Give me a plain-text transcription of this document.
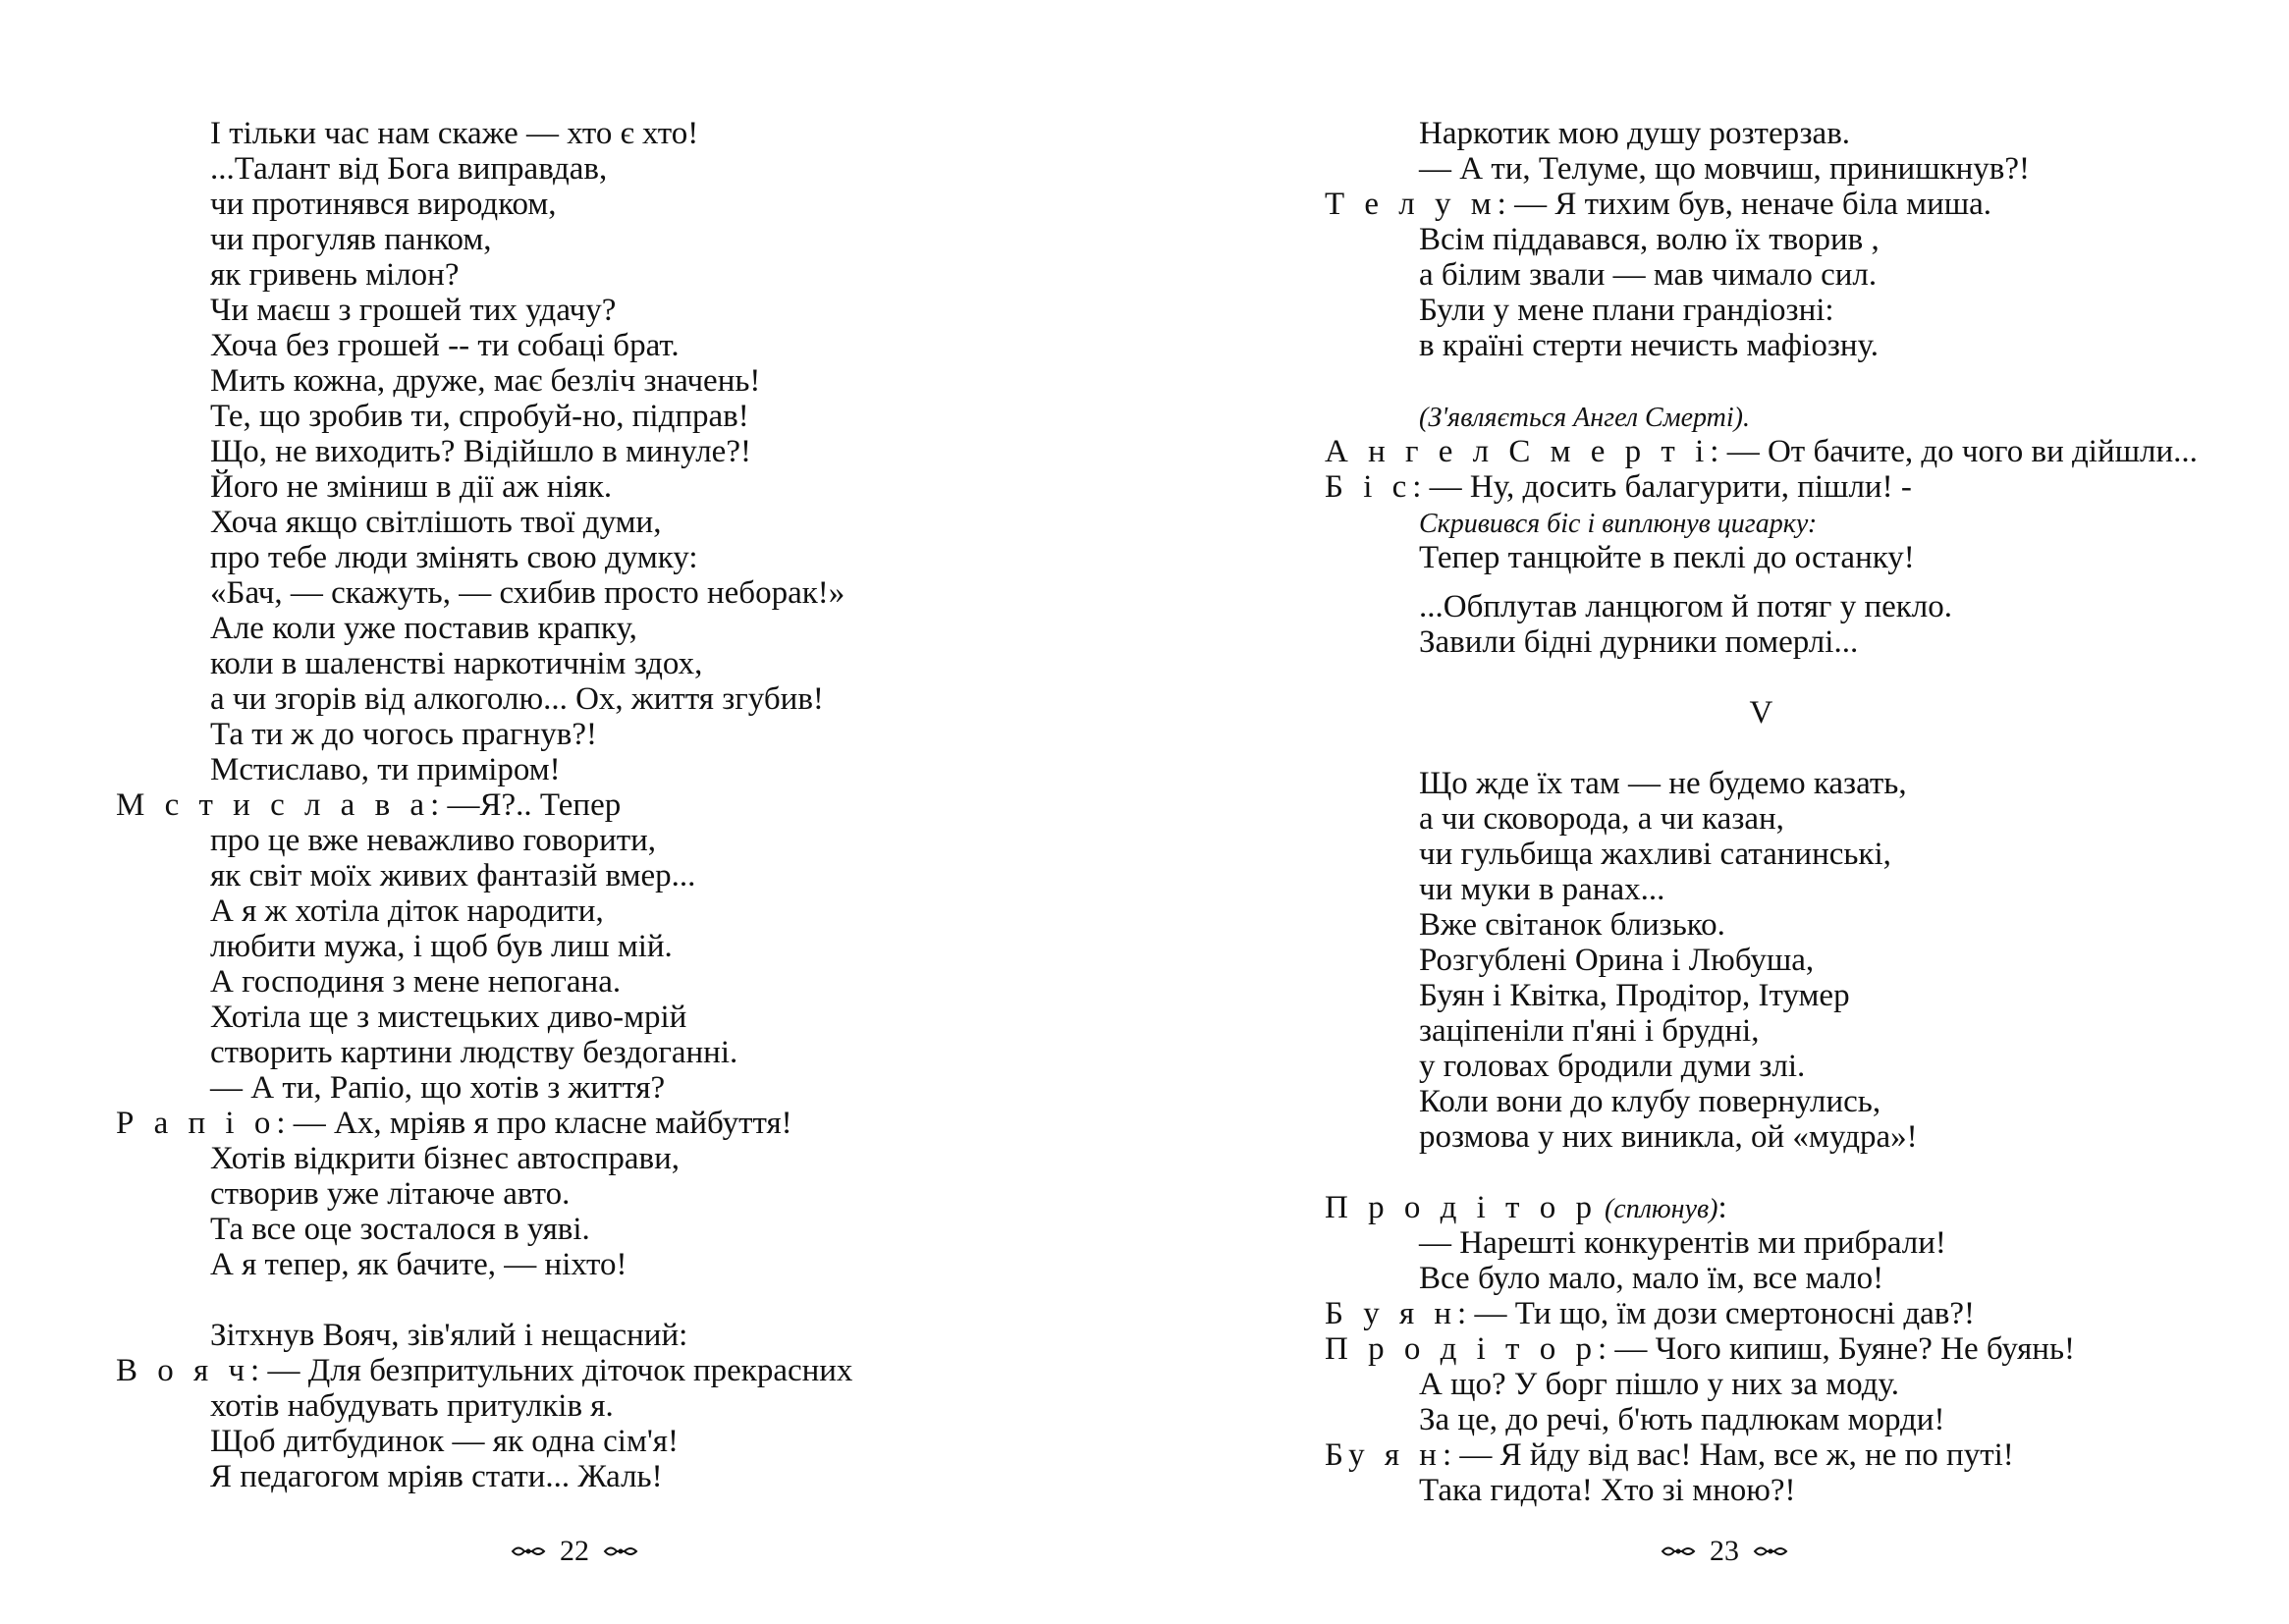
І тільки час нам скаже — хто є хто!
...Талант від Бога виправдав,
чи протинявся виродком,
чи прогуляв панком,
як гривень мілон?
Чи маєш з грошей тих удачу?
Хоча без грошей -- ти собаці брат.
Мить кожна, друже, має безліч значень!
Те, що зробив ти, спробуй-но, підправ!
Що, не виходить? Відійшло в минуле?!
Його не зміниш в дії аж ніяк.
Хоча якщо світлішоть твої думи,
про тебе люди змінять свою думку:
«Бач, — скажуть, — схибив просто неборак!»
Але коли уже поставив крапку,
коли в шаленстві наркотичнім здох,
а чи згорів від алкоголю... Ох, життя згубив!
Та ти ж до чогось прагнув?!
Мстиславо, ти приміром!
М с т и с л а в а: —Я?.. Тепер
про це вже неважливо говорити,
як світ моїх живих фантазій вмер...
А я ж хотіла діток народити,
любити мужа, і щоб був лиш мій.
А господиня з мене непогана.
Хотіла ще з мистецьких диво-мрій
створить картини людству бездоганні.
— А ти, Рапіо, що хотів з життя?
Р а п і о: — Ах, мріяв я про класне майбуття!
Хотів відкрити бізнес автосправи,
створив уже літаюче авто.
Та все оце зосталося в уяві.
А я тепер, як бачите, — ніхто!
Зітхнув Вояч, зів'ялий і нещасний:
В о я ч: — Для безпритульних діточок прекрасних
хотів набудувать притулків я.
Щоб дитбудинок — як одна сім'я!
Я педагогом мріяв стати... Жаль!
22
Наркотик мою душу розтерзав.
— А ти, Телуме, що мовчиш, принишкнув?!
Т е л у м: — Я тихим був, неначе біла миша.
Всім піддавався, волю їх творив ,
а білим звали — мав чимало сил.
Були у мене плани грандіозні:
в країні стерти нечисть мафіозну.
(З'являється Ангел Смерті).
А н г е л С м е р т і: — От бачите, до чого ви дійшли...
Б і с: — Ну, досить балагурити, пішли! -
Скривився біс і виплюнув цигарку:
Тепер танцюйте в пеклі до останку!
...Обплутав ланцюгом й потяг у пекло.
Завили бідні дурники померлі...
V
Що жде їх там — не будемо казать,
а чи сковорода, а чи казан,
чи гульбища жахливі сатанинські,
чи муки в ранах...
Вже світанок близько.
Розгублені Орина і Любуша,
Буян і Квітка, Продітор, Ітумер
заціпеніли п'яні і брудні,
у головах бродили думи злі.
Коли вони до клубу повернулись,
розмова у них виникла, ой «мудра»!
П р о д і т о р (сплюнув):
— Нарешті конкурентів ми прибрали!
Все було мало, мало їм, все мало!
Б у я н: — Ти що, їм дози смертоносні дав?!
П р о д і т о р: — Чого кипиш, Буяне? Не буянь!
А що? У борг пішло у них за моду.
За це, до речі, б'ють падлюкам морди!
Бу я н: — Я йду від вас! Нам, все ж, не по путі!
Така гидота! Хто зі мною?!
23
